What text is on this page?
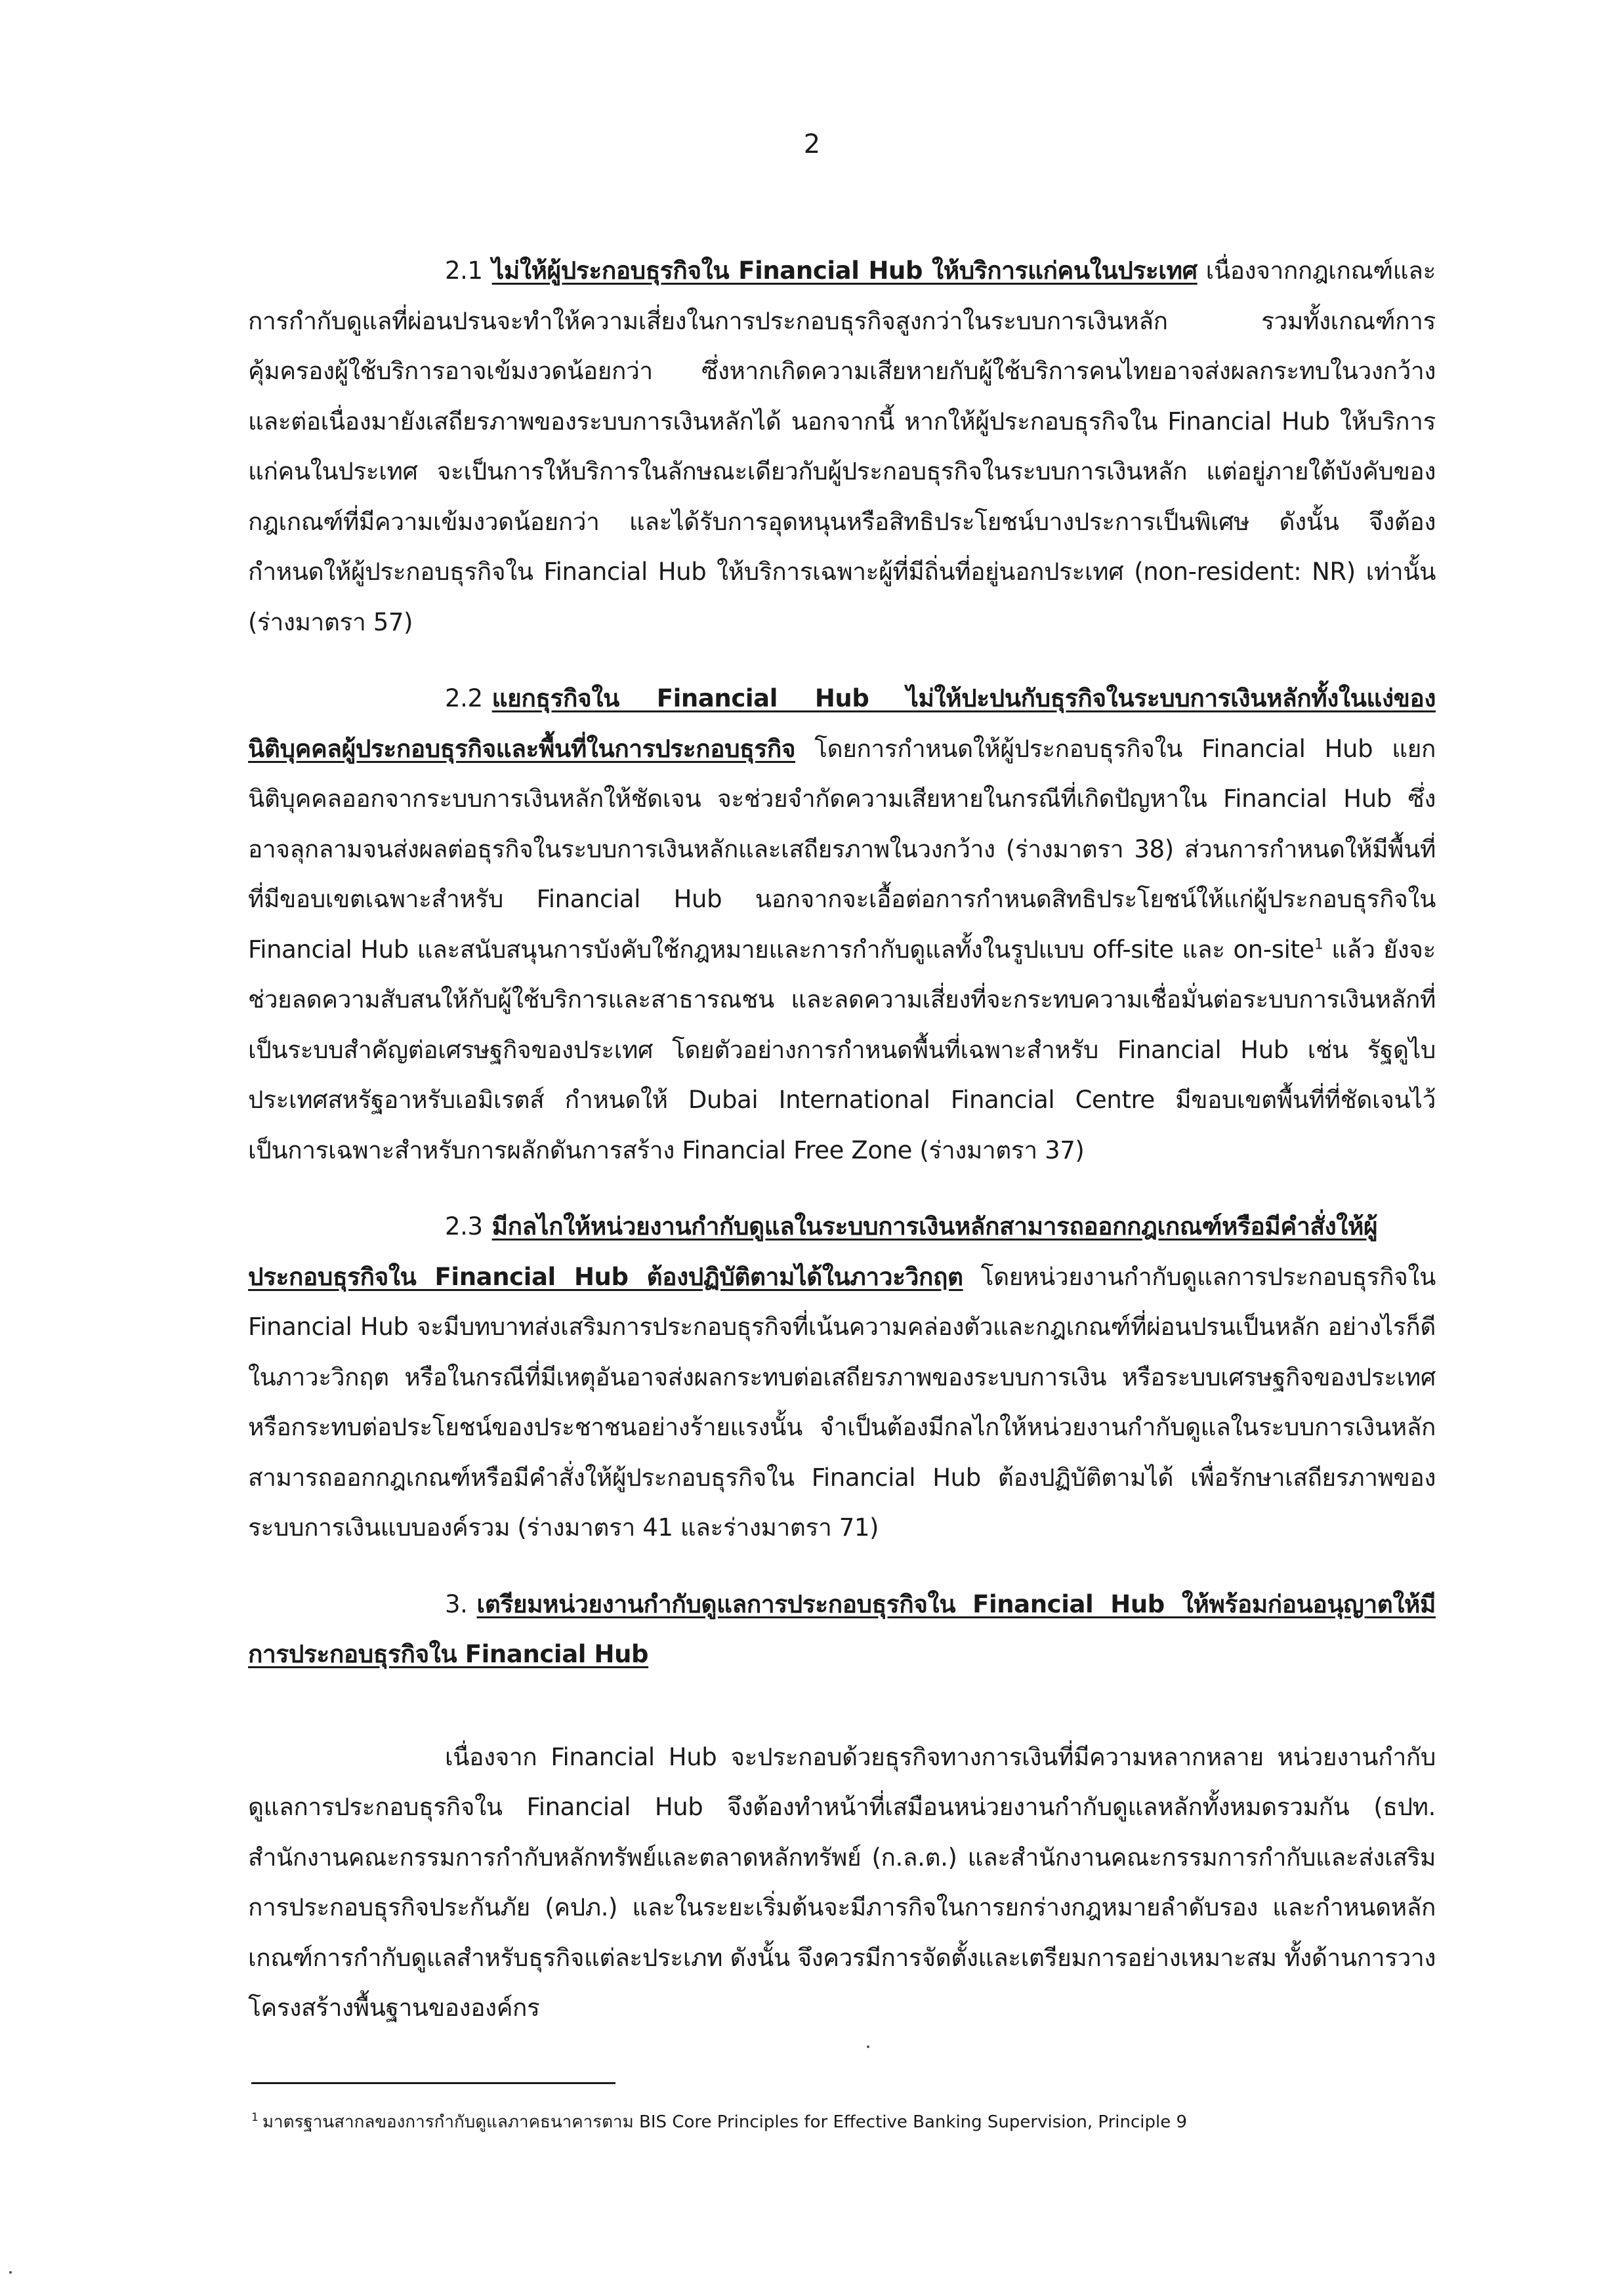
2

2.1 ไม่ให้ผู้ประกอบธุรกิจใน Financial Hub ให้บริการแก่คนในประเทศ เนื่องจากกฎเกณฑ์และการกำกับดูแลที่ผ่อนปรนจะทำให้ความเสี่ยงในการประกอบธุรกิจสูงกว่าในระบบการเงินหลัก รวมทั้งเกณฑ์การคุ้มครองผู้ใช้บริการอาจเข้มงวดน้อยกว่า ซึ่งหากเกิดความเสียหายกับผู้ใช้บริการคนไทยอาจส่งผลกระทบในวงกว้างและต่อเนื่องมายังเสถียรภาพของระบบการเงินหลักได้ นอกจากนี้ หากให้ผู้ประกอบธุรกิจใน Financial Hub ให้บริการแก่คนในประเทศ จะเป็นการให้บริการในลักษณะเดียวกับผู้ประกอบธุรกิจในระบบการเงินหลัก แต่อยู่ภายใต้บังคับของกฎเกณฑ์ที่มีความเข้มงวดน้อยกว่า และได้รับการอุดหนุนหรือสิทธิประโยชน์บางประการเป็นพิเศษ ดังนั้น จึงต้องกำหนดให้ผู้ประกอบธุรกิจใน Financial Hub ให้บริการเฉพาะผู้ที่มีถิ่นที่อยู่นอกประเทศ (non-resident: NR) เท่านั้น (ร่างมาตรา 57)

2.2 แยกธุรกิจใน Financial Hub ไม่ให้ปะปนกับธุรกิจในระบบการเงินหลักทั้งในแง่ของนิติบุคคลผู้ประกอบธุรกิจและพื้นที่ในการประกอบธุรกิจ โดยการกำหนดให้ผู้ประกอบธุรกิจใน Financial Hub แยกนิติบุคคลออกจากระบบการเงินหลักให้ชัดเจน จะช่วยจำกัดความเสียหายในกรณีที่เกิดปัญหาใน Financial Hub ซึ่งอาจลุกลามจนส่งผลต่อธุรกิจในระบบการเงินหลักและเสถียรภาพในวงกว้าง (ร่างมาตรา 38) ส่วนการกำหนดให้มีพื้นที่ที่มีขอบเขตเฉพาะสำหรับ Financial Hub นอกจากจะเอื้อต่อการกำหนดสิทธิประโยชน์ให้แก่ผู้ประกอบธุรกิจใน Financial Hub และสนับสนุนการบังคับใช้กฎหมายและการกำกับดูแลทั้งในรูปแบบ off-site และ on-site$^1$ แล้ว ยังจะช่วยลดความสับสนให้กับผู้ใช้บริการและสาธารณชน และลดความเสี่ยงที่จะกระทบความเชื่อมั่นต่อระบบการเงินหลักที่เป็นระบบสำคัญต่อเศรษฐกิจของประเทศ โดยตัวอย่างการกำหนดพื้นที่เฉพาะสำหรับ Financial Hub เช่น รัฐดูไบ ประเทศสหรัฐอาหรับเอมิเรตส์ กำหนดให้ Dubai International Financial Centre มีขอบเขตพื้นที่ที่ชัดเจนไว้เป็นการเฉพาะสำหรับการผลักดันการสร้าง Financial Free Zone (ร่างมาตรา 37)

2.3 มีกลไกให้หน่วยงานกำกับดูแลในระบบการเงินหลักสามารถออกกฎเกณฑ์หรือมีคำสั่งให้ผู้ประกอบธุรกิจใน Financial Hub ต้องปฏิบัติตามได้ในภาวะวิกฤต โดยหน่วยงานกำกับดูแลการประกอบธุรกิจใน Financial Hub จะมีบทบาทส่งเสริมการประกอบธุรกิจที่เน้นความคล่องตัวและกฎเกณฑ์ที่ผ่อนปรนเป็นหลัก อย่างไรก็ดี ในภาวะวิกฤต หรือในกรณีที่มีเหตุอันอาจส่งผลกระทบต่อเสถียรภาพของระบบการเงิน หรือระบบเศรษฐกิจของประเทศ หรือกระทบต่อประโยชน์ของประชาชนอย่างร้ายแรงนั้น จำเป็นต้องมีกลไกให้หน่วยงานกำกับดูแลในระบบการเงินหลักสามารถออกกฎเกณฑ์หรือมีคำสั่งให้ผู้ประกอบธุรกิจใน Financial Hub ต้องปฏิบัติตามได้ เพื่อรักษาเสถียรภาพของระบบการเงินแบบองค์รวม (ร่างมาตรา 41 และร่างมาตรา 71)

3. เตรียมหน่วยงานกำกับดูแลการประกอบธุรกิจใน Financial Hub ให้พร้อมก่อนอนุญาตให้มีการประกอบธุรกิจใน Financial Hub

เนื่องจาก Financial Hub จะประกอบด้วยธุรกิจทางการเงินที่มีความหลากหลาย หน่วยงานกำกับดูแลการประกอบธุรกิจใน Financial Hub จึงต้องทำหน้าที่เสมือนหน่วยงานกำกับดูแลหลักทั้งหมดรวมกัน (ธปท. สำนักงานคณะกรรมการกำกับหลักทรัพย์และตลาดหลักทรัพย์ (ก.ล.ต.) และสำนักงานคณะกรรมการกำกับและส่งเสริมการประกอบธุรกิจประกันภัย (คปภ.) และในระยะเริ่มต้นจะมีภารกิจในการยกร่างกฎหมายลำดับรอง และกำหนดหลักเกณฑ์การกำกับดูแลสำหรับธุรกิจแต่ละประเภท ดังนั้น จึงควรมีการจัดตั้งและเตรียมการอย่างเหมาะสม ทั้งด้านการวางโครงสร้างพื้นฐานขององค์กร

$^1$ มาตรฐานสากลของการกำกับดูแลภาคธนาคารตาม BIS Core Principles for Effective Banking Supervision, Principle 9
